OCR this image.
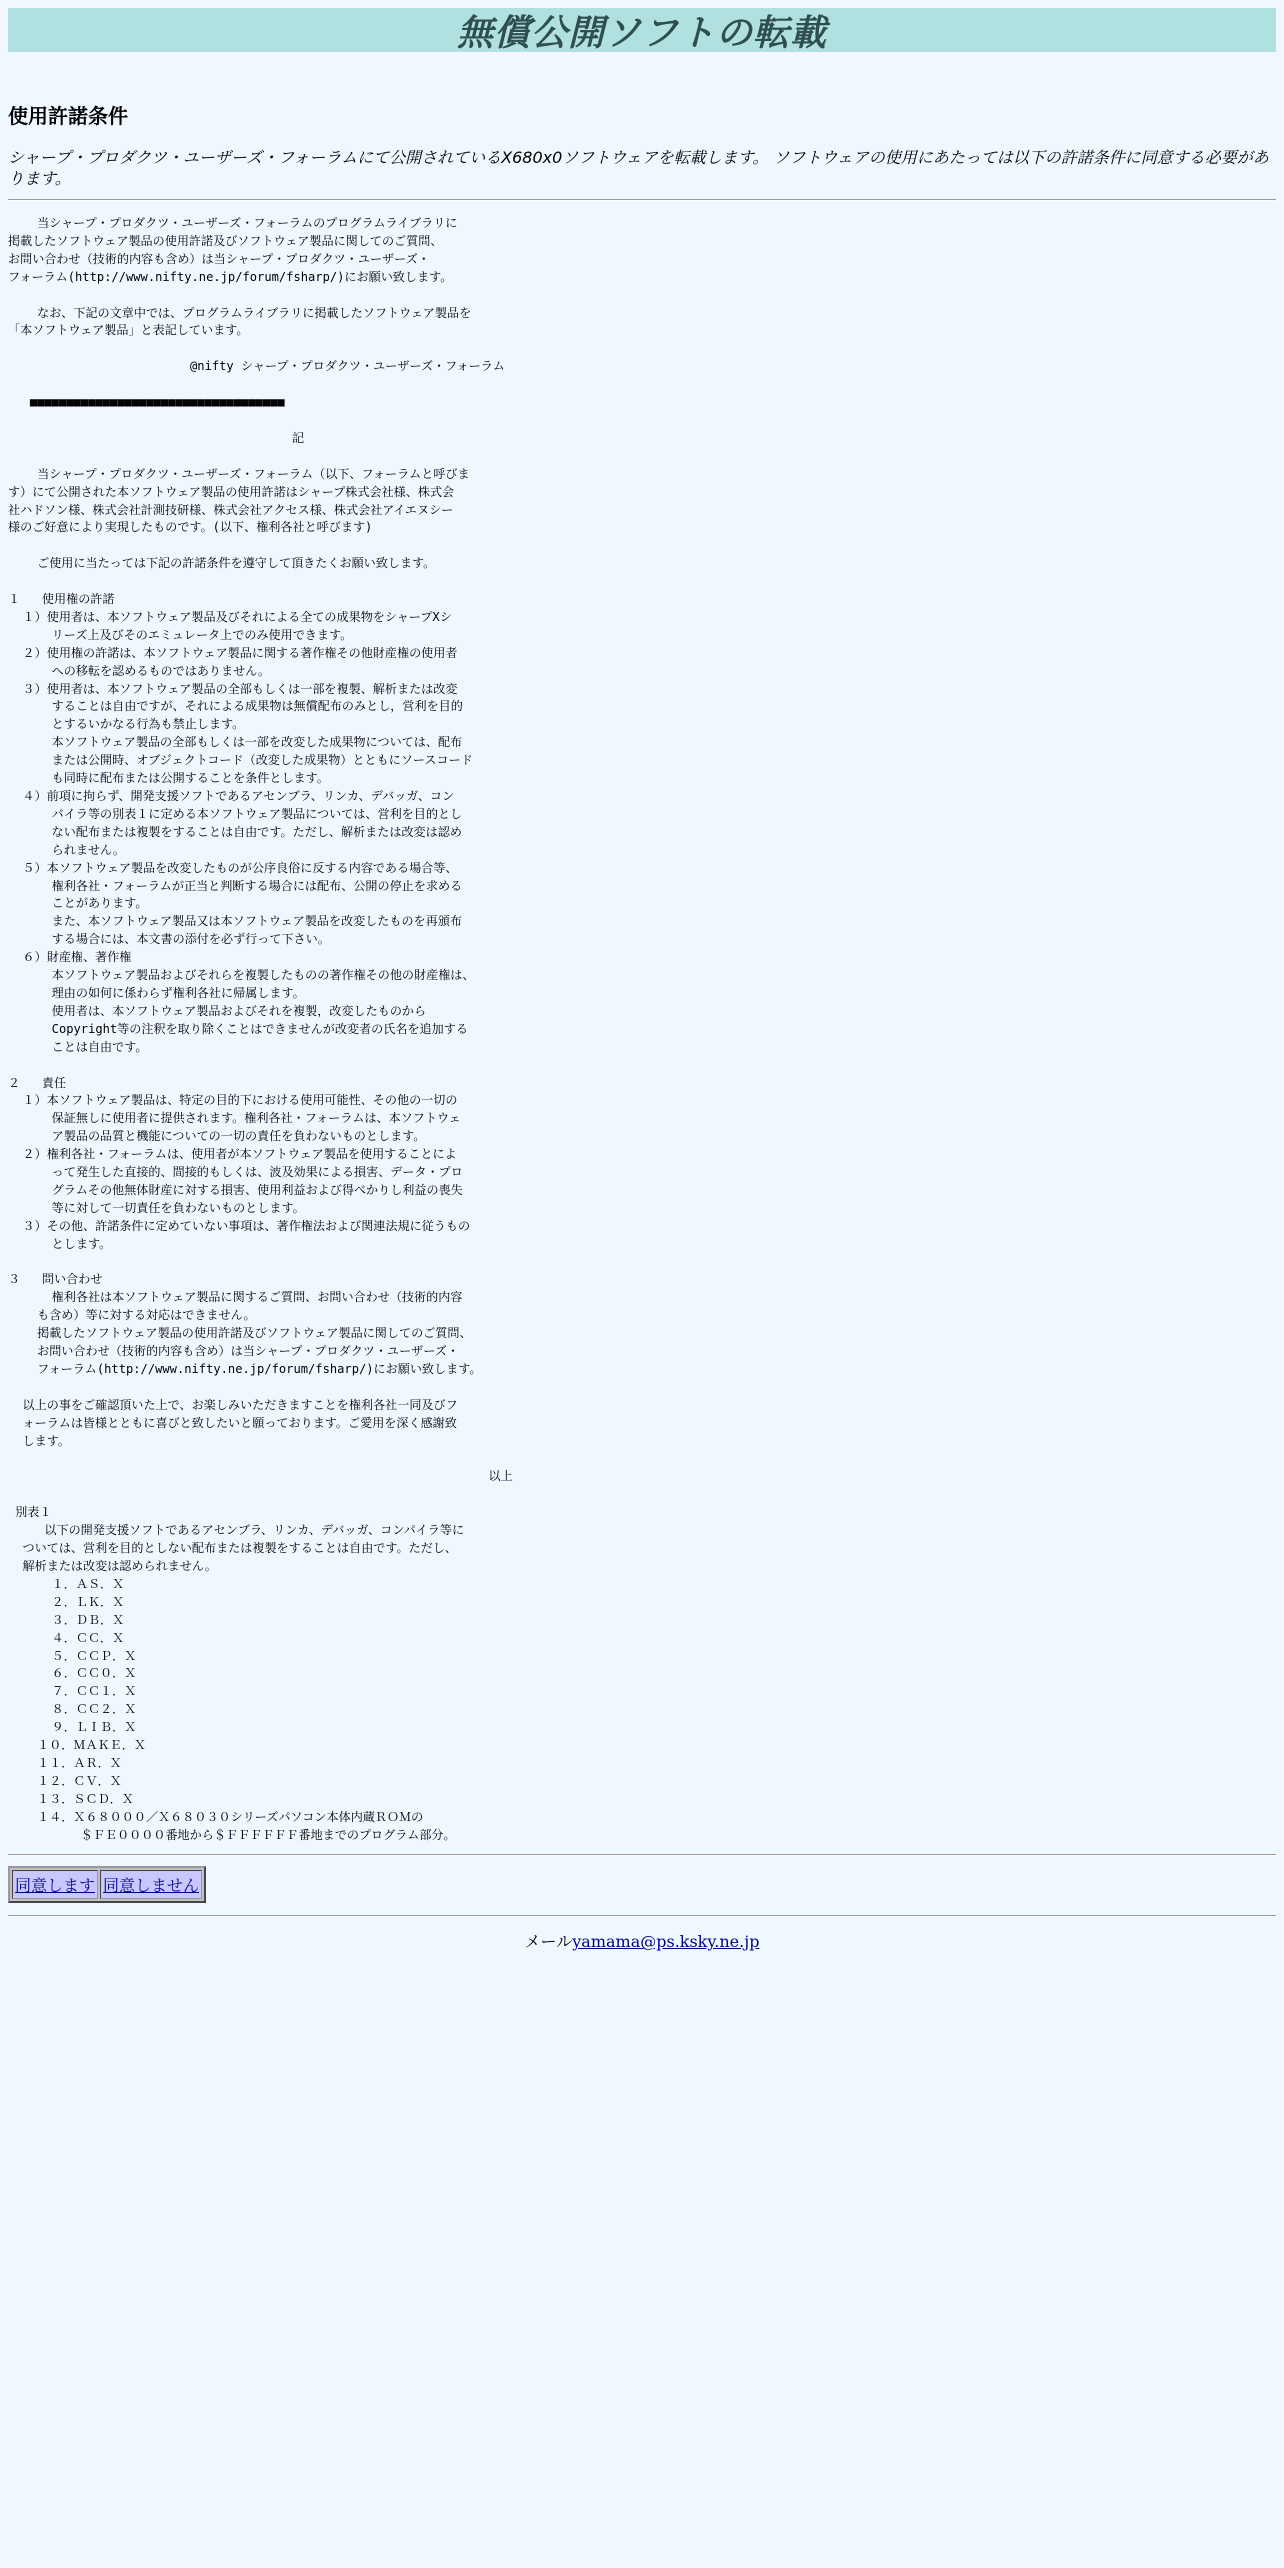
無償公開ソフトの転載
使用許諾条件
シャープ・プロダクツ・ユーザーズ・フォーラムにて公開されているX680x0ソフトウェアを転載します。 ソフトウェアの使用にあたっては以下の許諾条件に同意する必要があります。
当シャープ・プロダクツ・ユーザーズ・フォーラムのプログラムライブラリに
掲載したソフトウェア製品の使用許諾及びソフトウェア製品に関してのご質問、
お問い合わせ（技術的内容も含め）は当シャープ・プロダクツ・ユーザーズ・
フォーラム(http://www.nifty.ne.jp/forum/fsharp/)にお願い致します。

なお、下記の文章中では、プログラムライブラリに掲載したソフトウェア製品を
「本ソフトウェア製品」と表記しています。

@nifty シャープ・プロダクツ・ユーザーズ・フォーラム

■■■■■■■■■■■■■■■■■■■■■■■■■■■■■■■■■■■

記

当シャープ・プロダクツ・ユーザーズ・フォーラム（以下、フォーラムと呼びま
す）にて公開された本ソフトウェア製品の使用許諾はシャープ株式会社様、株式会
社ハドソン様、株式会社計測技研様、株式会社アクセス様、株式会社アイエヌシー
様のご好意により実現したものです。(以下、権利各社と呼びます)

ご使用に当たっては下記の許諾条件を遵守して頂きたくお願い致します。

１   使用権の許諾
１）使用者は、本ソフトウェア製品及びそれによる全ての成果物をシャープXシ
リーズ上及びそのエミュレータ上でのみ使用できます。
２）使用権の許諾は、本ソフトウェア製品に関する著作権その他財産権の使用者
への移転を認めるものではありません。
３）使用者は、本ソフトウェア製品の全部もしくは一部を複製、解析または改変
することは自由ですが、それによる成果物は無償配布のみとし，営利を目的
とするいかなる行為も禁止します。
本ソフトウェア製品の全部もしくは一部を改変した成果物については、配布
または公開時、オブジェクトコード（改変した成果物）とともにソースコード
も同時に配布または公開することを条件とします。
４）前項に拘らず、開発支援ソフトであるアセンブラ、リンカ、デバッガ、コン
パイラ等の別表１に定める本ソフトウェア製品については、営利を目的とし
ない配布または複製をすることは自由です。ただし、解析または改変は認め
られません。
５）本ソフトウェア製品を改変したものが公序良俗に反する内容である場合等、
権利各社・フォーラムが正当と判断する場合には配布、公開の停止を求める
ことがあります。
また、本ソフトウェア製品又は本ソフトウェア製品を改変したものを再頒布
する場合には、本文書の添付を必ず行って下さい。
６）財産権、著作権
本ソフトウェア製品およびそれらを複製したものの著作権その他の財産権は、
理由の如何に係わらず権利各社に帰属します。
使用者は、本ソフトウェア製品およびそれを複製，改変したものから
Copyright等の注釈を取り除くことはできませんが改変者の氏名を追加する
ことは自由です。

２   責任
１）本ソフトウェア製品は、特定の目的下における使用可能性、その他の一切の
保証無しに使用者に提供されます。権利各社・フォーラムは、本ソフトウェ
ア製品の品質と機能についての一切の責任を負わないものとします。
２）権利各社・フォーラムは、使用者が本ソフトウェア製品を使用することによ
って発生した直接的、間接的もしくは、波及効果による損害、データ・プロ
グラムその他無体財産に対する損害、使用利益および得べかりし利益の喪失
等に対して一切責任を負わないものとします。
３）その他、許諾条件に定めていない事項は、著作権法および関連法規に従うもの
とします。

３   問い合わせ
権利各社は本ソフトウェア製品に関するご質問、お問い合わせ（技術的内容
も含め）等に対する対応はできません。
掲載したソフトウェア製品の使用許諾及びソフトウェア製品に関してのご質問、
お問い合わせ（技術的内容も含め）は当シャープ・プロダクツ・ユーザーズ・
フォーラム(http://www.nifty.ne.jp/forum/fsharp/)にお願い致します。

以上の事をご確認頂いた上で、お楽しみいただきますことを権利各社一同及びフ
ォーラムは皆様とともに喜びと致したいと願っております。ご愛用を深く感謝致
します。

以上

別表１
以下の開発支援ソフトであるアセンブラ、リンカ、デバッガ、コンパイラ等に
ついては、営利を目的としない配布または複製をすることは自由です。ただし、
解析または改変は認められません。
１．ＡＳ．Ｘ
２．ＬＫ．Ｘ
３．ＤＢ．Ｘ
４．ＣＣ．Ｘ
５．ＣＣＰ．Ｘ
６．ＣＣ０．Ｘ
７．ＣＣ１．Ｘ
８．ＣＣ２．Ｘ
９．ＬＩＢ．Ｘ
１０．ＭＡＫＥ．Ｘ
１１．ＡＲ．Ｘ
１２．ＣＶ．Ｘ
１３．ＳＣＤ．Ｘ
１４．Ｘ６８０００／Ｘ６８０３０シリーズパソコン本体内蔵ＲＯＭの
＄ＦＥ００００番地から＄ＦＦＦＦＦＦ番地までのプログラム部分。
同意します	同意しません
メールyamama@ps.ksky.ne.jp
